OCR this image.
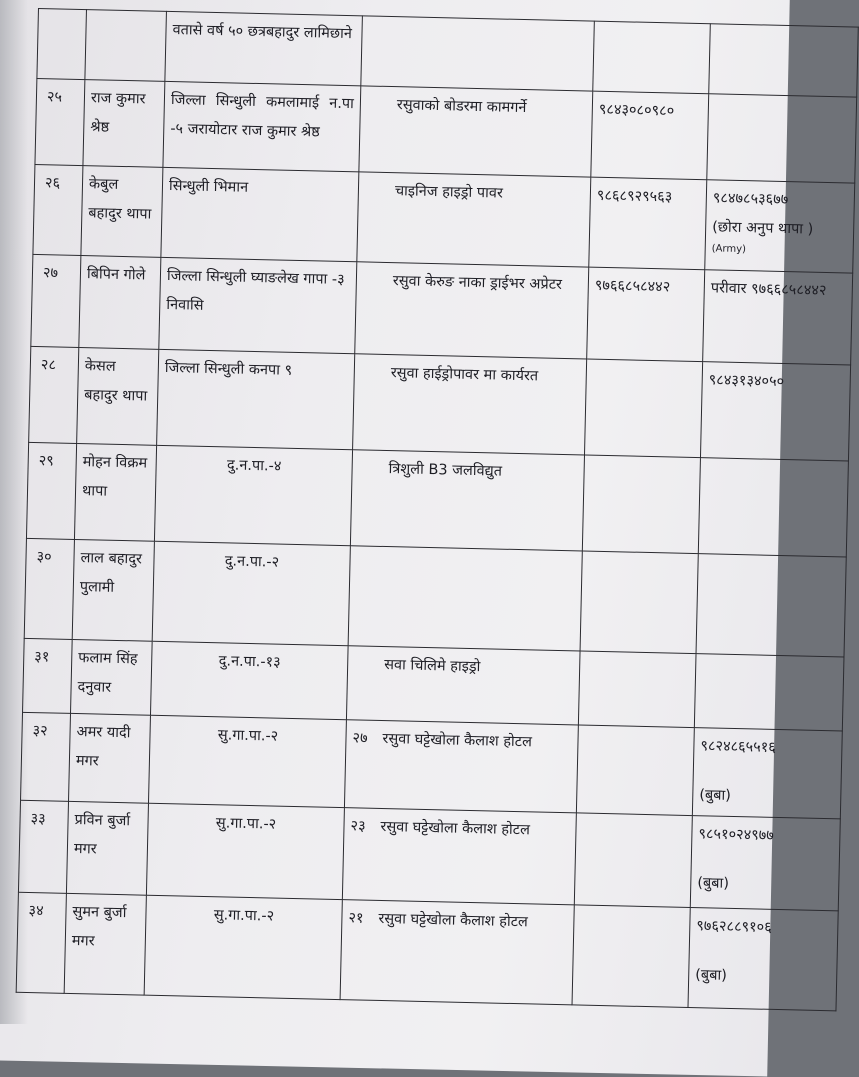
		वतासे वर्ष ५० छत्रबहादुर लामिछाने			
२५	राज कुमार श्रेष्ठ	जिल्ला सिन्धुली कमलामाई न.पा -५ जरायोटार राज कुमार श्रेष्ठ	रसुवाको बोडरमा कामगर्ने	९८४३०८०९८०	
२६	केबुल बहादुर थापा	सिन्धुली भिमान	चाइनिज हाइड्रो पावर	९८६८९२९५६३	९८४७८५३६७७
(छोरा अनुप थापा )
(Army)

२७	बिपिन गोले	जिल्ला सिन्धुली घ्याङलेख गापा -३ निवासि	रसुवा केरुङ नाका ड्राईभर अप्रेटर	९७६६८५८४४२	परीवार ९७६६८५८४४२
२८	केसल बहादुर थापा	जिल्ला सिन्धुली कनपा ९	रसुवा हाईड्रोपावर मा कार्यरत		९८४३१३४०५०
२९	मोहन विक्रम थापा	दु.न.पा.-४	त्रिशुली B3 जलविद्युत		
३०	लाल बहादुर पुलामी	दु.न.पा.-२			
३१	फलाम सिंह दनुवार	दु.न.पा.-१३	सवा चिलिमे हाइड्रो		
३२	अमर यादी मगर	सु.गा.पा.-२	२७ रसुवा घट्टेखोला कैलाश होटल		९८२४८६५५१६
(बुबा)

३३	प्रविन बुर्जा मगर	सु.गा.पा.-२	२३ रसुवा घट्टेखोला कैलाश होटल		९८५१०२४९७७
(बुबा)

३४	सुमन बुर्जा मगर	सु.गा.पा.-२	२१ रसुवा घट्टेखोला कैलाश होटल		९७६२८८९१०६
(बुबा)
